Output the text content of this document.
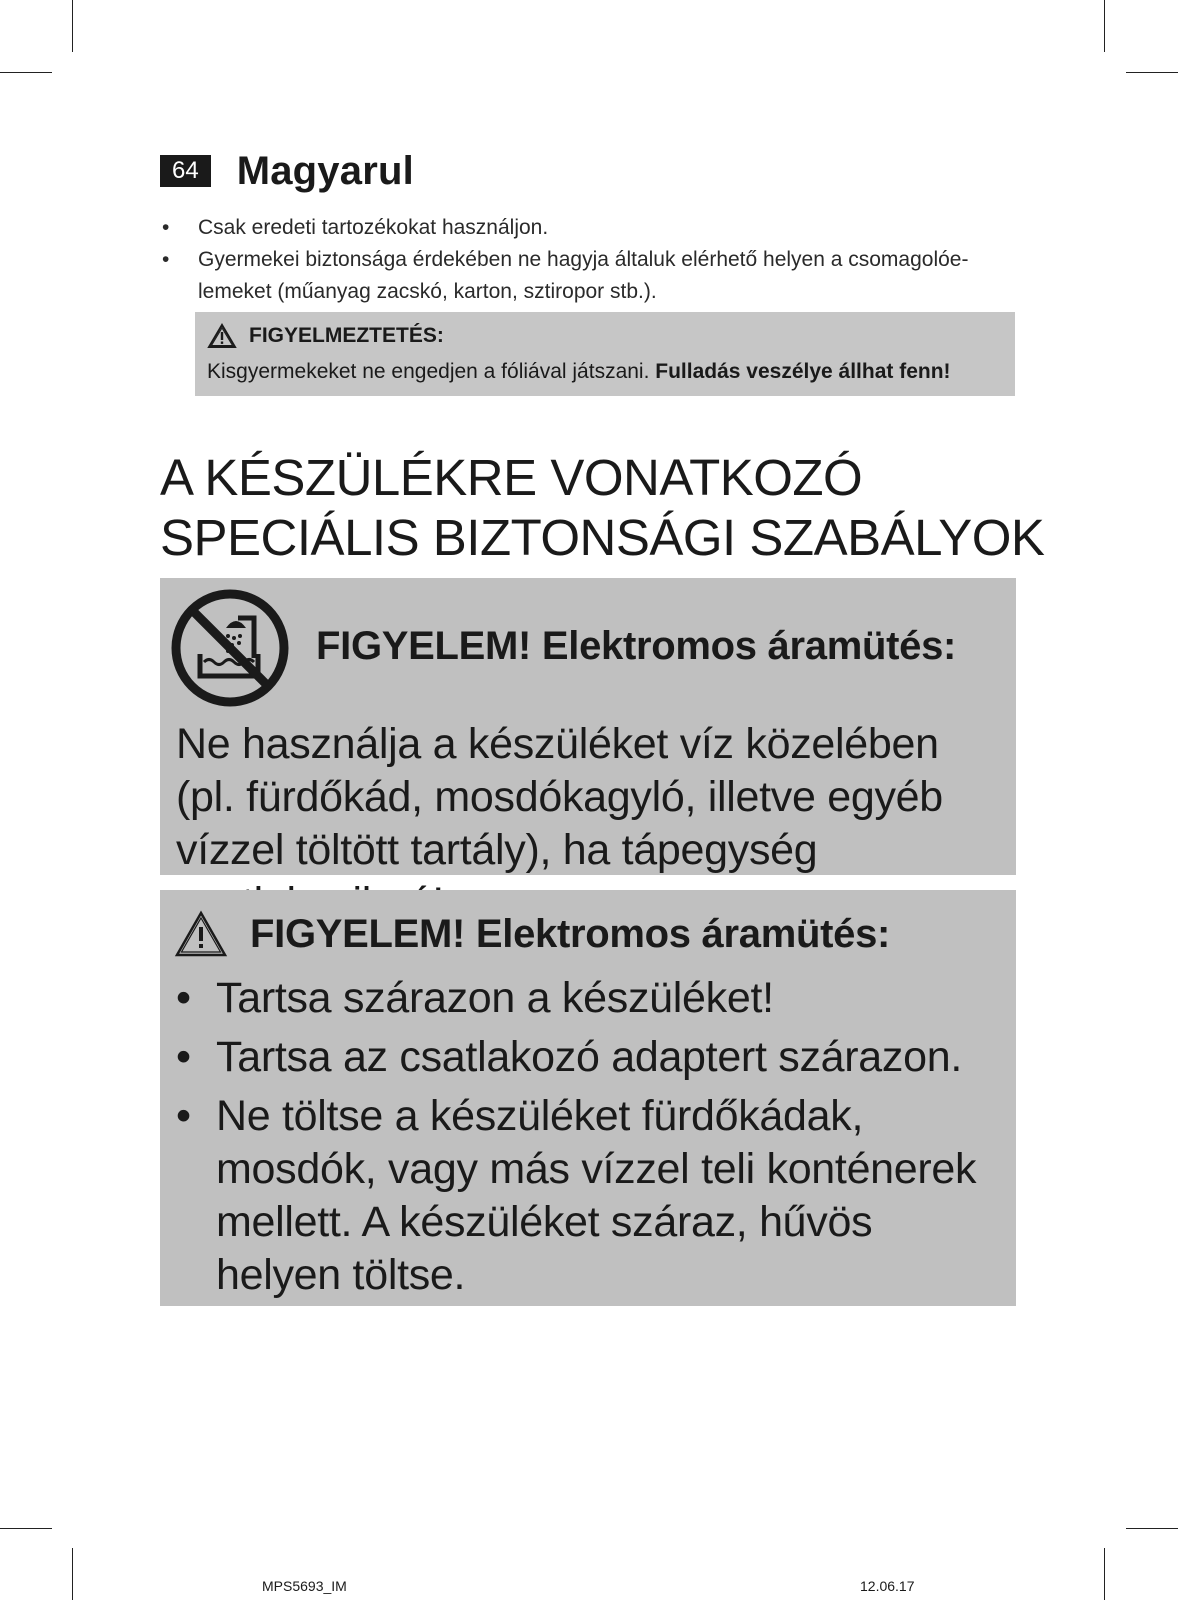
64 Magyarul
•	Csak eredeti tartozékokat használjon.
•	Gyermekei biztonsága érdekében ne hagyja általuk elérhető helyen a csomagolóe-lemeket (műanyag zacskó, karton, sztiropor stb.).
FIGYELMEZTETÉS:
Kisgyermekeket ne engedjen a fóliával játszani. Fulladás veszélye állhat fenn!
A KÉSZÜLÉKRE VONATKOZÓ
SPECIÁLIS BIZTONSÁGI SZABÁLYOK
FIGYELEM! Elektromos áramütés:
Ne használja a készüléket víz közelében (pl. fürdőkád, mosdókagyló, illetve egyéb vízzel töltött tartály), ha tápegység
FIGYELEM! Elektromos áramütés:
• Tartsa szárazon a készüléket!
• Tartsa az csatlakozó adaptert szárazon.
• Ne töltse a készüléket fürdőkádak, mosdók, vagy más vízzel teli konténerek mellett. A készüléket száraz, hűvös helyen töltse.
MPS5693_IM	12.06.17
